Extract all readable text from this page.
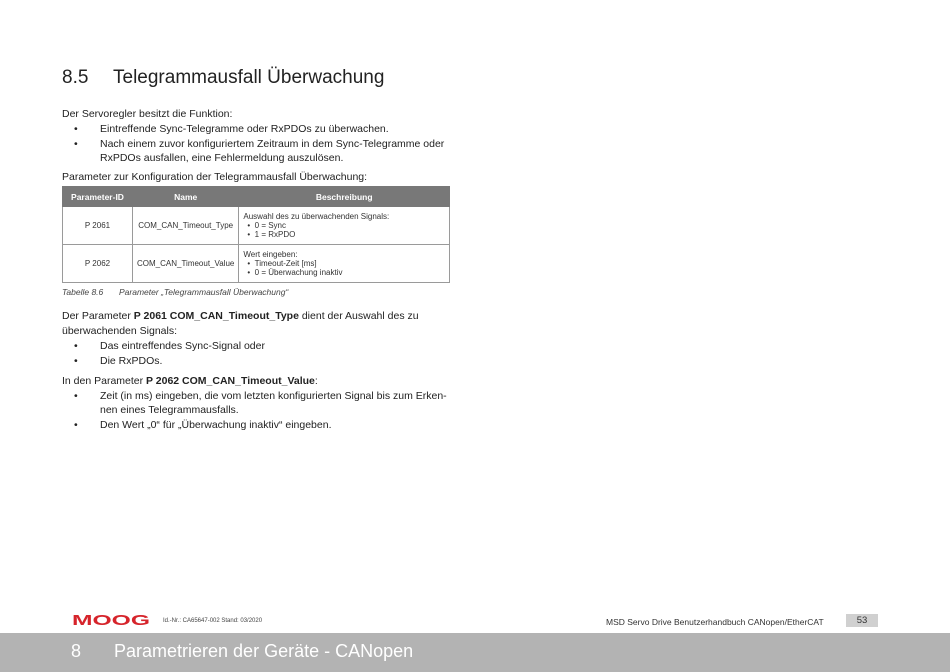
8.5 Telegrammausfall Überwachung

Der Servoregler besitzt die Funktion:

• Eintreffende Sync-Telegramme oder RxPDOs zu überwachen.
• Nach einem zuvor konfiguriertem Zeitraum in dem Sync-Telegramme oder RxPDOs ausfallen, eine Fehlermeldung auszulösen.

Parameter zur Konfiguration der Telegrammausfall Überwachung:

Parameter-ID	Name	Beschreibung
P 2061	COM_CAN_Timeout_Type	Auswahl des zu überwachenden Signals:
• 0 = Sync
• 1 = RxPDO

P 2062	COM_CAN_Timeout_Value	Wert eingeben:
• Timeout-Zeit [ms]
• 0 = Überwachung inaktiv
Tabelle 8.6 Parameter „Telegrammausfall Überwachung“

Der Parameter P 2061 COM_CAN_Timeout_Type dient der Auswahl des zu
überwachenden Signals:

• Das eintreffendes Sync-Signal oder
• Die RxPDOs.

In den Parameter P 2062 COM_CAN_Timeout_Value:

• Zeit (in ms) eingeben, die vom letzten konfigurierten Signal bis zum Erken-nen eines Telegrammausfalls.
• Den Wert „0“ für „Überwachung inaktiv“ eingeben.
MOOG Id.-Nr.: CA65647-002 Stand: 03/2020	MSD Servo Drive Benutzerhandbuch CANopen/EtherCAT	53
8 Parametrieren der Geräte - CANopen
